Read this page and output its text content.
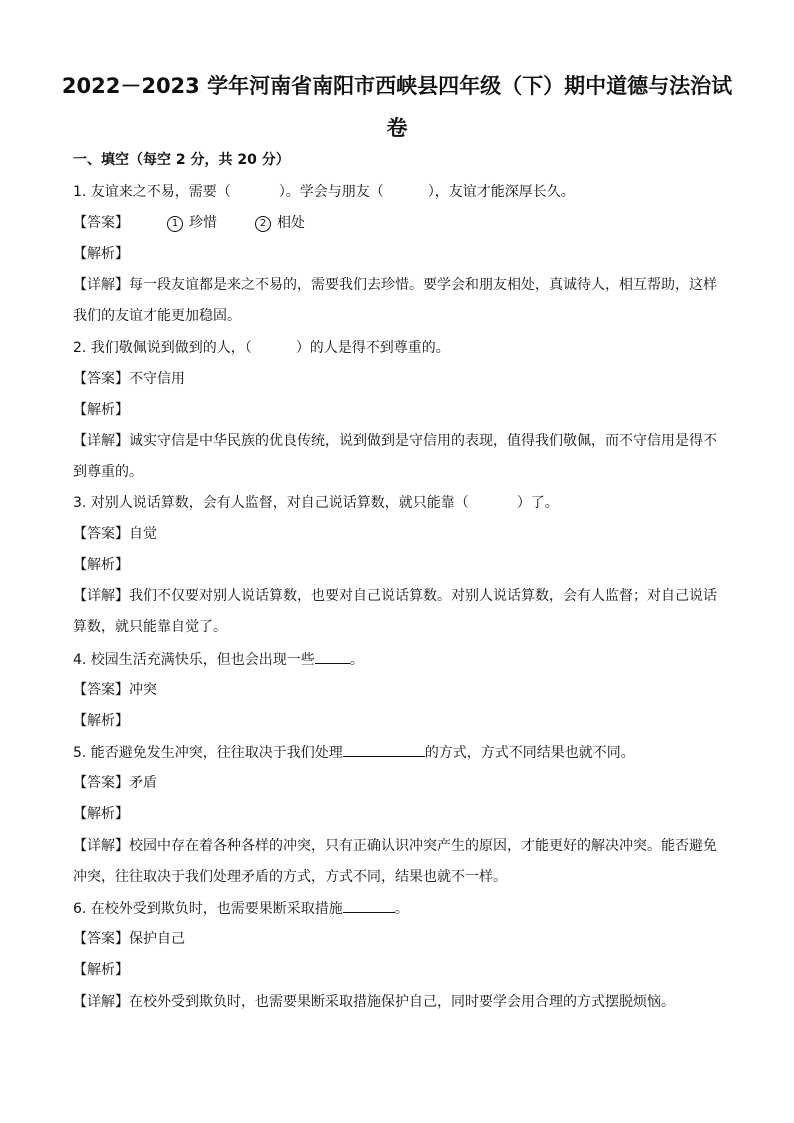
2022－2023 学年河南省南阳市西峡县四年级（下）期中道德与法治试
卷
一、填空（每空 2 分，共 20 分）
1. 友谊来之不易，需要（	）。学会与朋友（	），友谊才能深厚长久。
【答案】	1 珍惜	2 相处
【解析】
【详解】每一段友谊都是来之不易的，需要我们去珍惜。要学会和朋友相处，真诚待人，相互帮助，这样
我们的友谊才能更加稳固。
2. 我们敬佩说到做到的人，（	）的人是得不到尊重的。
【答案】不守信用
【解析】
【详解】诚实守信是中华民族的优良传统，说到做到是守信用的表现，值得我们敬佩，而不守信用是得不
到尊重的。
3. 对别人说话算数，会有人监督，对自己说话算数，就只能靠（	）了。
【答案】自觉
【解析】
【详解】我们不仅要对别人说话算数，也要对自己说话算数。对别人说话算数，会有人监督；对自己说话
算数，就只能靠自觉了。
4. 校园生活充满快乐，但也会出现一些	。
【答案】冲突
【解析】
5. 能否避免发生冲突，往往取决于我们处理	的方式，方式不同结果也就不同。
【答案】矛盾
【解析】
【详解】校园中存在着各种各样的冲突，只有正确认识冲突产生的原因，才能更好的解决冲突。能否避免
冲突，往往取决于我们处理矛盾的方式，方式不同，结果也就不一样。
6. 在校外受到欺负时，也需要果断采取措施	。
【答案】保护自己
【解析】
【详解】在校外受到欺负时，也需要果断采取措施保护自己，同时要学会用合理的方式摆脱烦恼。
